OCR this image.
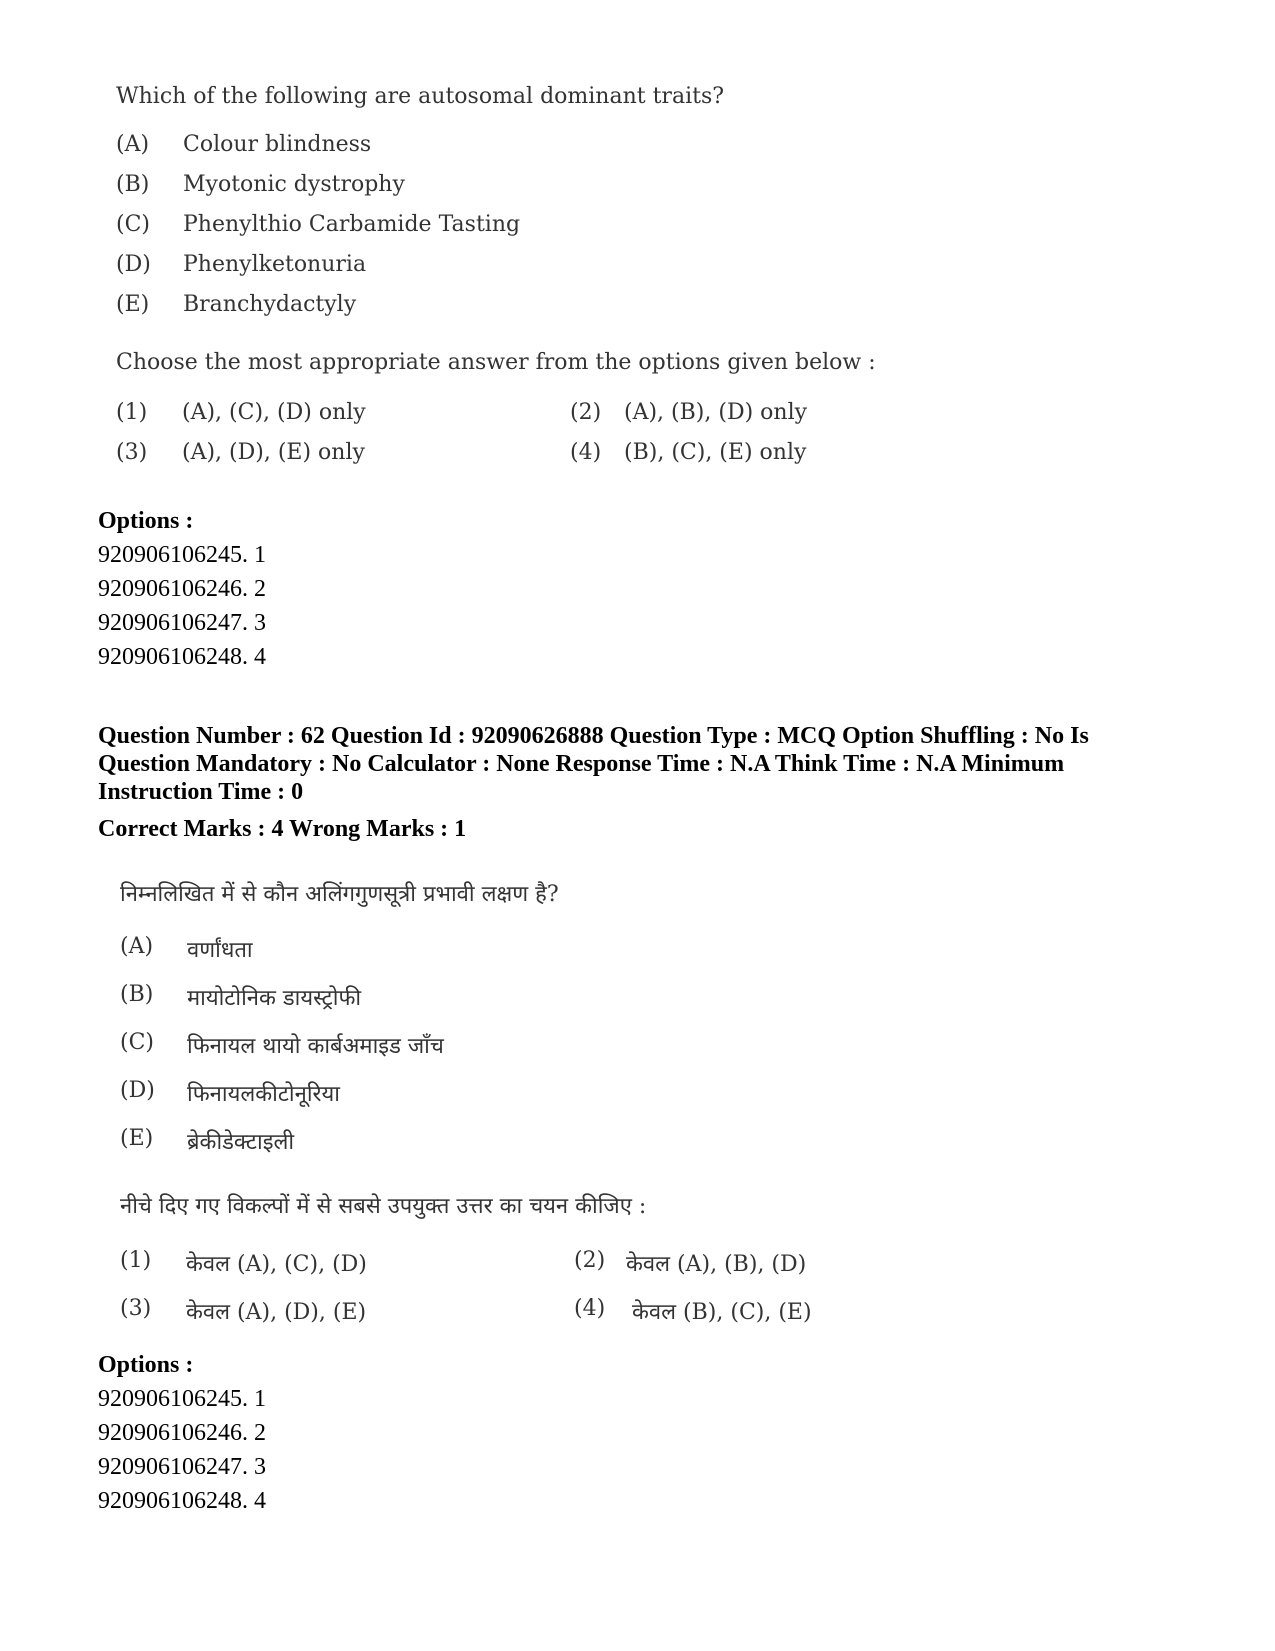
Which of the following are autosomal dominant traits?
(A) Colour blindness
(B) Myotonic dystrophy
(C) Phenylthio Carbamide Tasting
(D) Phenylketonuria
(E) Branchydactyly
Choose the most appropriate answer from the options given below :
(1) (A), (C), (D) only	(2) (A), (B), (D) only
(3) (A), (D), (E) only	(4) (B), (C), (E) only
Options :
920906106245. 1
920906106246. 2
920906106247. 3
920906106248. 4
Question Number : 62 Question Id : 92090626888 Question Type : MCQ Option Shuffling : No Is Question Mandatory : No Calculator : None Response Time : N.A Think Time : N.A Minimum Instruction Time : 0
Correct Marks : 4 Wrong Marks : 1
निम्नलिखित में से कौन अलिंगगुणसूत्री प्रभावी लक्षण है?
(A) वर्णांधता
(B) मायोटोनिक डायस्ट्रोफी
(C) फिनायल थायो कार्बअमाइड जाँच
(D) फिनायलकीटोनूरिया
(E) ब्रेकीडेक्टाइली
नीचे दिए गए विकल्पों में से सबसे उपयुक्त उत्तर का चयन कीजिए :
(1) केवल (A), (C), (D)	(2) केवल (A), (B), (D)
(3) केवल (A), (D), (E)	(4) केवल (B), (C), (E)
Options :
920906106245. 1
920906106246. 2
920906106247. 3
920906106248. 4
